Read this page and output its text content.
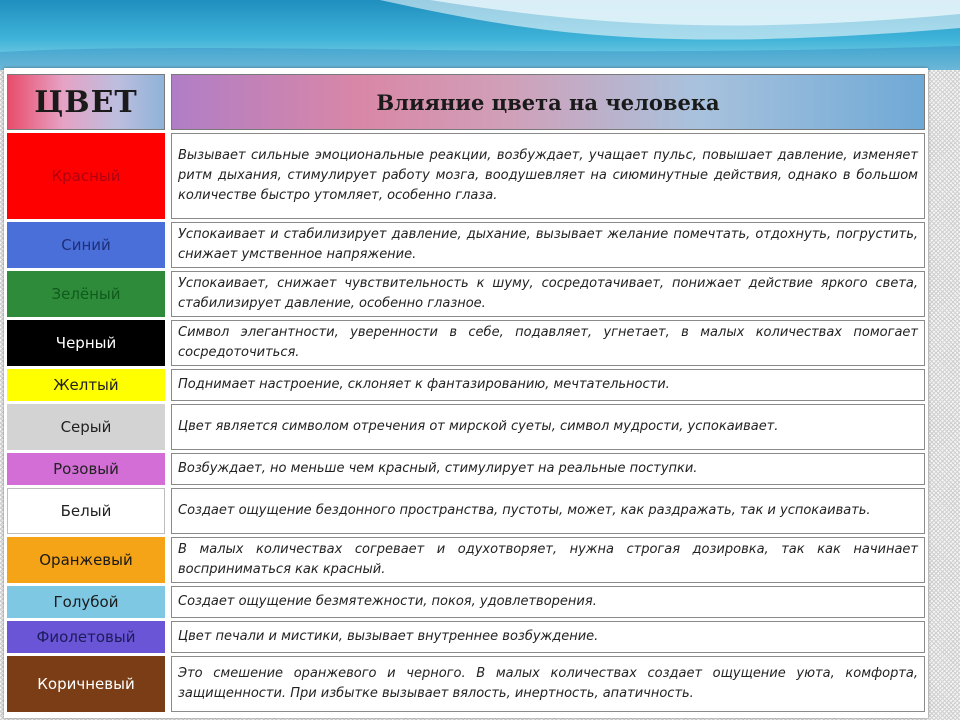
ЦВЕТ		Влияние цвета на человека

Красный		Вызывает сильные эмоциональные реакции, возбуждает, учащает пульс, повышает давление, изменяет ритм дыхания, стимулирует работу мозга, воодушевляет на сиюминутные действия, однако в большом количестве быстро утомляет, особенно глаза.
Синий		Успокаивает и стабилизирует давление, дыхание, вызывает желание помечтать, отдохнуть, погрустить, снижает умственное напряжение.
Зелёный		Успокаивает, снижает чувствительность к шуму, сосредотачивает, понижает действие яркого света, стабилизирует давление, особенно глазное.
Черный		Символ элегантности, уверенности в себе, подавляет, угнетает, в малых количествах помогает сосредоточиться.
Желтый		Поднимает настроение, склоняет к фантазированию, мечтательности.
Серый		Цвет является символом отречения от мирской суеты, символ мудрости, успокаивает.
Розовый		Возбуждает, но меньше чем красный, стимулирует на реальные поступки.
Белый		Создает ощущение бездонного пространства, пустоты, может, как раздражать, так и успокаивать.
Оранжевый		В малых количествах согревает и одухотворяет, нужна строгая дозировка, так как начинает восприниматься как красный.
Голубой		Создает ощущение безмятежности, покоя, удовлетворения.
Фиолетовый		Цвет печали и мистики, вызывает внутреннее возбуждение.
Коричневый		Это смешение оранжевого и черного. В малых количествах создает ощущение уюта, комфорта, защищенности. При избытке вызывает вялость, инертность, апатичность.
